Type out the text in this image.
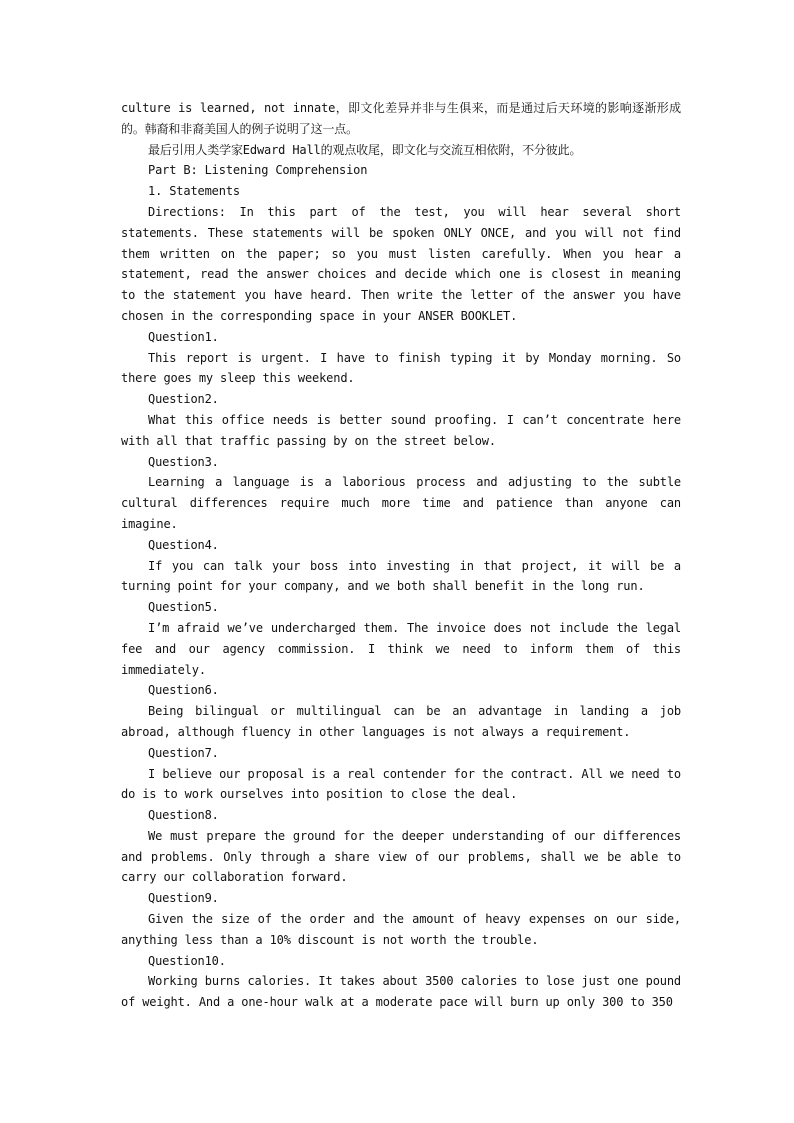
culture is learned, not innate，即文化差异并非与生俱来，而是通过后天环境的影响逐渐形成的。韩裔和非裔美国人的例子说明了这一点。

最后引用人类学家Edward Hall的观点收尾，即文化与交流互相依附，不分彼此。

Part B: Listening Comprehension

1. Statements

Directions: In this part of the test, you will hear several short statements. These statements will be spoken ONLY ONCE, and you will not find them written on the paper; so you must listen carefully. When you hear a statement, read the answer choices and decide which one is closest in meaning to the statement you have heard. Then write the letter of the answer you have chosen in the corresponding space in your ANSER BOOKLET.

Question1.

This report is urgent. I have to finish typing it by Monday morning. So there goes my sleep this weekend.

Question2.

What this office needs is better sound proofing. I can’t concentrate here with all that traffic passing by on the street below.

Question3.

Learning a language is a laborious process and adjusting to the subtle cultural differences require much more time and patience than anyone can imagine.

Question4.

If you can talk your boss into investing in that project, it will be a turning point for your company, and we both shall benefit in the long run.

Question5.

I’m afraid we’ve undercharged them. The invoice does not include the legal fee and our agency commission. I think we need to inform them of this immediately.

Question6.

Being bilingual or multilingual can be an advantage in landing a job abroad, although fluency in other languages is not always a requirement.

Question7.

I believe our proposal is a real contender for the contract. All we need to do is to work ourselves into position to close the deal.

Question8.

We must prepare the ground for the deeper understanding of our differences and problems. Only through a share view of our problems, shall we be able to carry our collaboration forward.

Question9.

Given the size of the order and the amount of heavy expenses on our side, anything less than a 10% discount is not worth the trouble.

Question10.

Working burns calories. It takes about 3500 calories to lose just one pound of weight. And a one-hour walk at a moderate pace will burn up only 300 to 350
